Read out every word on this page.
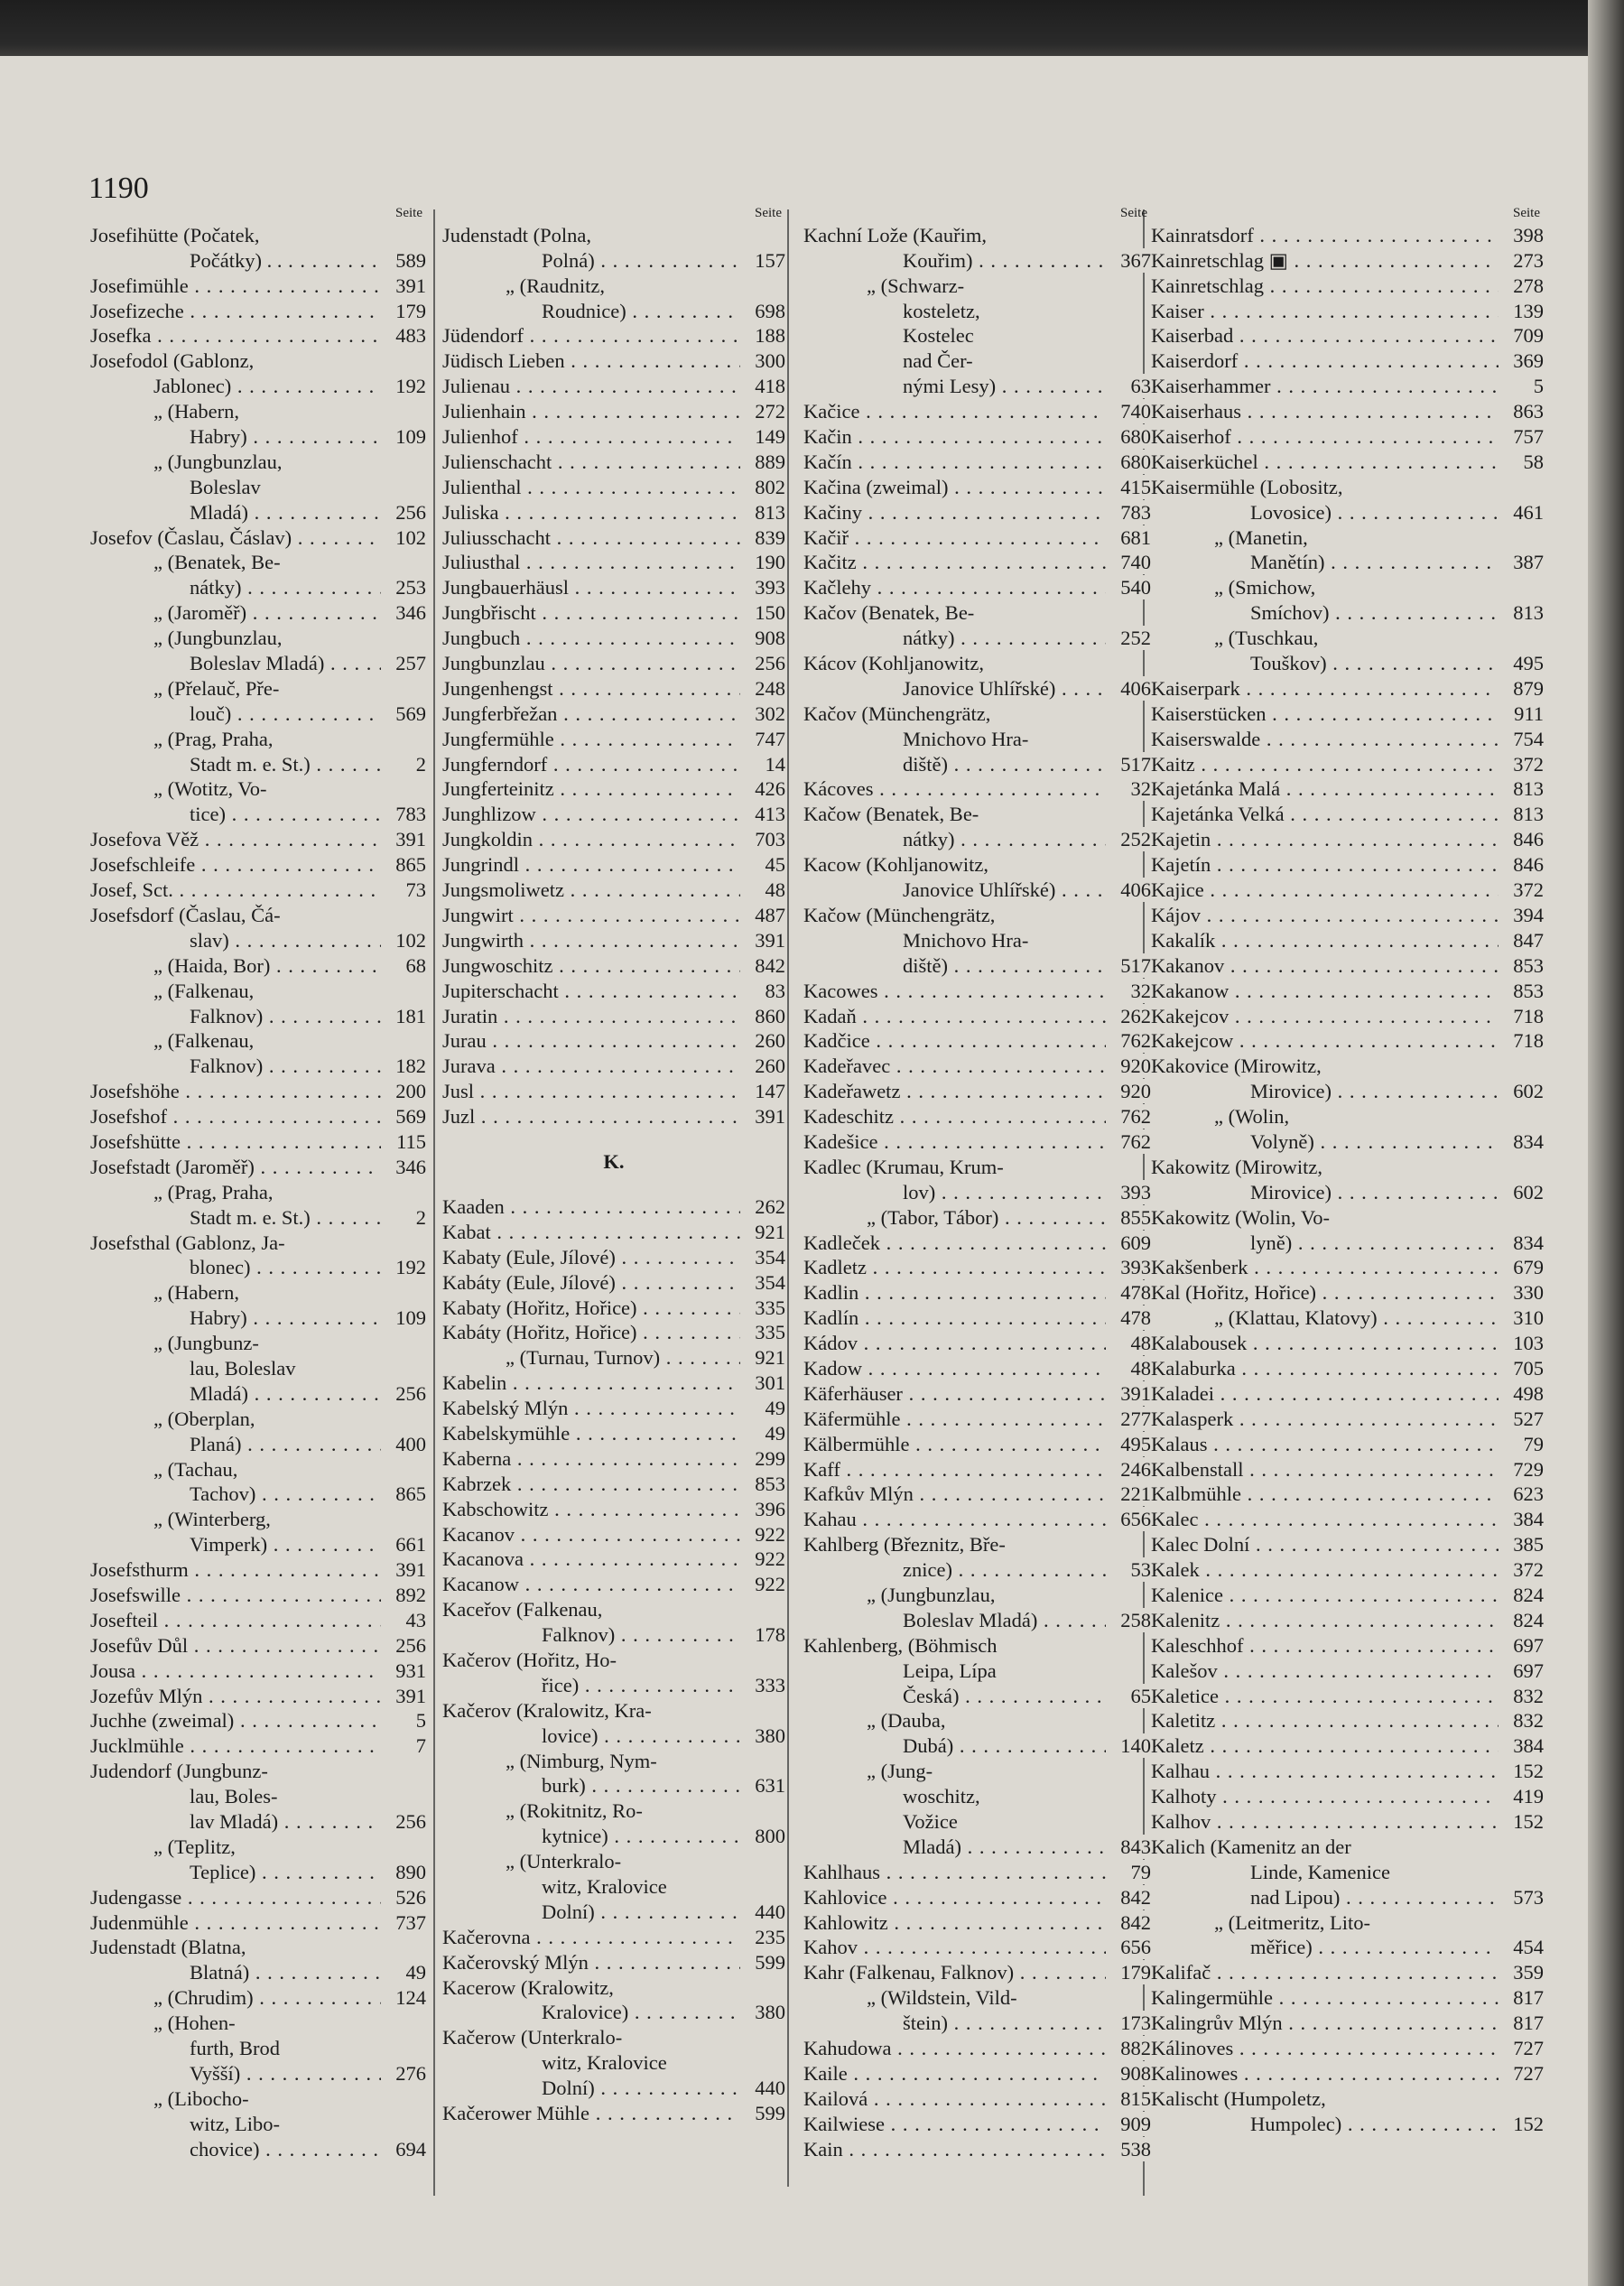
1190
Seite
Josefihütte (Počatek,
Počátky) . . . . .	589
Josefimühle . . .	391
Josefizeche . . .	179
Josefka . . .	483
Josefodol (Gablonz,
Jablonec) . . .	192
„ (Habern,
Habry) . . .	109
„ (Jungbunzlau,
Boleslav
Mladá) . . .	256
Josefov (Časlau, Čáslav) . . .	102
„ (Benatek, Be-
nátky) . . .	253
„ (Jaroměř) . . .	346
„ (Jungbunzlau,
Boleslav Mladá) . . .	257
„ (Přelauč, Pře-
louč) . . .	569
„ (Prag, Praha,
Stadt m. e. St.) . . .	2
„ (Wotitz, Vo-
tice) . . .	783
Josefova Věž . . .	391
Josefschleife . . .	865
Josef, Sct. . . .	73
Josefsdorf (Časlau, Čá-
slav) . . .	102
„ (Haida, Bor) . . .	68
„ (Falkenau,
Falknov) . . .	181
„ (Falkenau,
Falknov) . . .	182
Josefshöhe . . .	200
Josefshof . . .	569
Josefshütte . . .	115
Josefstadt (Jaroměř) . . .	346
„ (Prag, Praha,
Stadt m. e. St.) . . .	2
Josefsthal (Gablonz, Ja-
blonec) . . .	192
„ (Habern,
Habry) . . .	109
„ (Jungbunz-
lau, Boleslav
Mladá) . . .	256
„ (Oberplan,
Planá) . . .	400
„ (Tachau,
Tachov) . . .	865
„ (Winterberg,
Vimperk) . . .	661
Josefsthurm . . .	391
Josefswille . . .	892
Josefteil . . .	43
Josefův Důl . . .	256
Jousa . . .	931
Jozefův Mlýn . . .	391
Juchhe (zweimal) . . .	5
Jucklmühle . . .	7
Judendorf (Jungbunz-
lau, Boles-
lav Mladá) . . .	256
„ (Teplitz,
Teplice) . . .	890
Judengasse . . .	526
Judenmühle . . .	737
Judenstadt (Blatna,
Blatná) . . .	49
„ (Chrudim) . . .	124
„ (Hohen-
furth, Brod
Vyšší) . . .	276
„ (Libocho-
witz, Libo-
chovice) . . .	694
Seite
Judenstadt (Polna,
Polná) . . .	157
„ (Raudnitz,
Roudnice) . . .	698
Jüdendorf . . .	188
Jüdisch Lieben . . .	300
Julienau . . .	418
Julienhain . . .	272
Julienhof . . .	149
Julienschacht . . .	889
Julienthal . . .	802
Juliska . . .	813
Juliusschacht . . .	839
Juliusthal . . .	190
Jungbauerhäusl . . .	393
Jungbřischt . . .	150
Jungbuch . . .	908
Jungbunzlau . . .	256
Jungenhengst . . .	248
Jungferbřežan . . .	302
Jungfermühle . . .	747
Jungferndorf . . .	14
Jungferteinitz . . .	426
Junghlizow . . .	413
Jungkoldin . . .	703
Jungrindl . . .	45
Jungsmoliwetz . . .	48
Jungwirt . . .	487
Jungwirth . . .	391
Jungwoschitz . . .	842
Jupiterschacht . . .	83
Juratin . . .	860
Jurau . . .	260
Jurava . . .	260
Jusl . . .	147
Juzl . . .	391
K.
Kaaden . . .	262
Kabat . . .	921
Kabaty (Eule, Jílové) . . .	354
Kabáty (Eule, Jílové) . . .	354
Kabaty (Hořitz, Hořice) . . .	335
Kabáty (Hořitz, Hořice) . . .	335
„ (Turnau, Turnov) . . .	921
Kabelin . . .	301
Kabelský Mlýn . . .	49
Kabelskymühle . . .	49
Kaberna . . .	299
Kabrzek . . .	853
Kabschowitz . . .	396
Kacanov . . .	922
Kacanova . . .	922
Kacanow . . .	922
Kaceřov (Falkenau,
Falknov) . . .	178
Kačerov (Hořitz, Ho-
řice) . . .	333
Kačerov (Kralowitz, Kra-
lovice) . . .	380
„ (Nimburg, Nym-
burk) . . .	631
„ (Rokitnitz, Ro-
kytnice) . . .	800
„ (Unterkralo-
witz, Kralovice
Dolní) . . .	440
Kačerovna . . .	235
Kačerovský Mlýn . . .	599
Kacerow (Kralowitz,
Kralovice) . . .	380
Kačerow (Unterkralo-
witz, Kralovice
Dolní) . . .	440
Kačerower Mühle . . .	599
Seite
Kachní Lože (Kauřim,
Kouřim) . . .	367
„ (Schwarz-
kosteletz,
Kostelec
nad Čer-
nými Lesy) . . .	63
Kačice . . .	740
Kačin . . .	680
Kačín . . .	680
Kačina (zweimal) . . .	415
Kačiny . . .	783
Kačiř . . .	681
Kačitz . . .	740
Kačlehy . . .	540
Kačov (Benatek, Be-
nátky) . . .	252
Kácov (Kohljanowitz,
Janovice Uhlířské) . . .	406
Kačov (Münchengrätz,
Mnichovo Hra-
diště) . . .	517
Kácoves . . .	32
Kačow (Benatek, Be-
nátky) . . .	252
Kacow (Kohljanowitz,
Janovice Uhlířské) . . .	406
Kačow (Münchengrätz,
Mnichovo Hra-
diště) . . .	517
Kacowes . . .	32
Kadaň . . .	262
Kadčice . . .	762
Kadeřavec . . .	920
Kadeřawetz . . .	920
Kadeschitz . . .	762
Kadešice . . .	762
Kadlec (Krumau, Krum-
lov) . . .	393
„ (Tabor, Tábor) . . .	855
Kadleček . . .	609
Kadletz . . .	393
Kadlin . . .	478
Kadlín . . .	478
Kádov . . .	48
Kadow . . .	48
Käferhäuser . . .	391
Käfermühle . . .	277
Kälbermühle . . .	495
Kaff . . .	246
Kafkův Mlýn . . .	221
Kahau . . .	656
Kahlberg (Březnitz, Bře-
znice) . . .	53
„ (Jungbunzlau,
Boleslav Mladá) . . .	258
Kahlenberg, (Böhmisch
Leipa, Lípa
Česká) . . .	65
„ (Dauba,
Dubá) . . .	140
„ (Jung-
woschitz,
Vožice
Mladá) . . .	843
Kahlhaus . . .	79
Kahlovice . . .	842
Kahlowitz . . .	842
Kahov . . .	656
Kahr (Falkenau, Falknov) . . .	179
„ (Wildstein, Vild-
štein) . . .	173
Kahudowa . . .	882
Kaile . . .	908
Kailová . . .	815
Kailwiese . . .	909
Kain . . .	538
Seite
Kainratsdorf . . .	398
Kainretschlag ▣ . . .	273
Kainretschlag . . .	278
Kaiser . . .	139
Kaiserbad . . .	709
Kaiserdorf . . .	369
Kaiserhammer . . .	5
Kaiserhaus . . .	863
Kaiserhof . . .	757
Kaiserküchel . . .	58
Kaisermühle (Lobositz,
Lovosice) . . .	461
„ (Manetin,
Manětín) . . .	387
„ (Smichow,
Smíchov) . . .	813
„ (Tuschkau,
Touškov) . . .	495
Kaiserpark . . .	879
Kaiserstücken . . .	911
Kaiserswalde . . .	754
Kaitz . . .	372
Kajetánka Malá . . .	813
Kajetánka Velká . . .	813
Kajetin . . .	846
Kajetín . . .	846
Kajice . . .	372
Kájov . . .	394
Kakalík . . .	847
Kakanov . . .	853
Kakanow . . .	853
Kakejcov . . .	718
Kakejcow . . .	718
Kakovice (Mirowitz,
Mirovice) . . .	602
„ (Wolin,
Volyně) . . .	834
Kakowitz (Mirowitz,
Mirovice) . . .	602
Kakowitz (Wolin, Vo-
lyně) . . .	834
Kakšenberk . . .	679
Kal (Hořitz, Hořice) . . .	330
„ (Klattau, Klatovy) . . .	310
Kalabousek . . .	103
Kalaburka . . .	705
Kaladei . . .	498
Kalasperk . . .	527
Kalaus . . .	79
Kalbenstall . . .	729
Kalbmühle . . .	623
Kalec . . .	384
Kalec Dolní . . .	385
Kalek . . .	372
Kalenice . . .	824
Kalenitz . . .	824
Kaleschhof . . .	697
Kalešov . . .	697
Kaletice . . .	832
Kaletitz . . .	832
Kaletz . . .	384
Kalhau . . .	152
Kalhoty . . .	419
Kalhov . . .	152
Kalich (Kamenitz an der
Linde, Kamenice
nad Lipou) . . .	573
„ (Leitmeritz, Lito-
měřice) . . .	454
Kalifač . . .	359
Kalingermühle . . .	817
Kalingrův Mlýn . . .	817
Kálinoves . . .	727
Kalinowes . . .	727
Kalischt (Humpoletz,
Humpolec) . . .	152
